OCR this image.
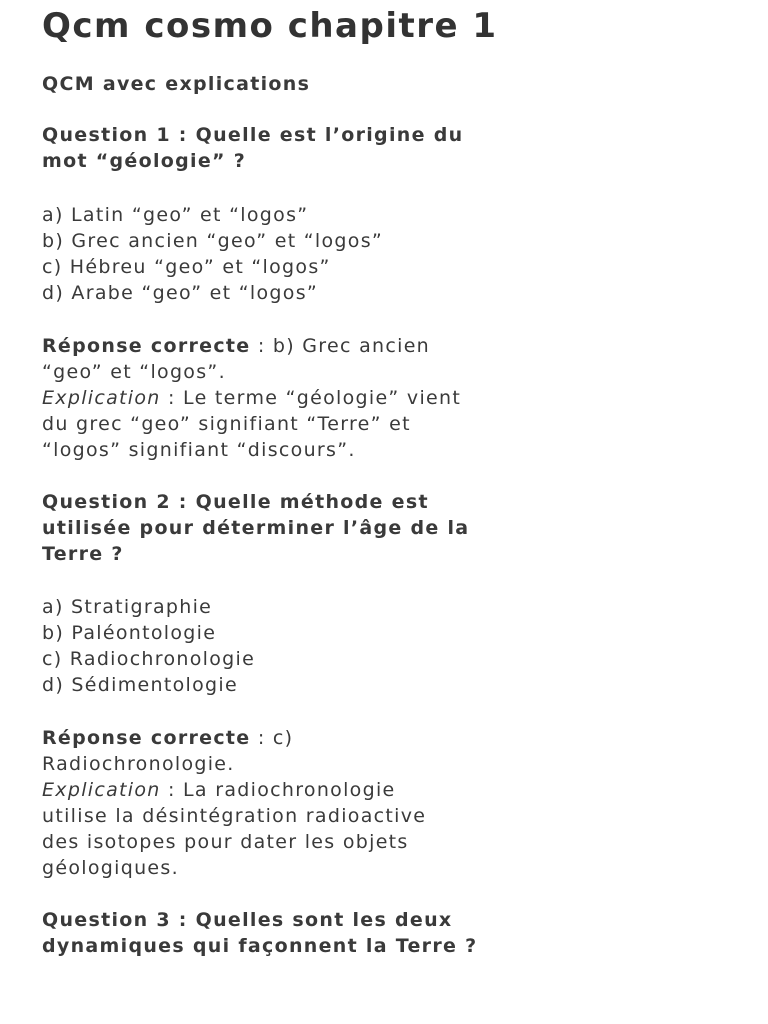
Qcm cosmo chapitre 1
QCM avec explications

Question 1 : Quelle est l’origine du
mot “géologie” ?

a) Latin “geo” et “logos”
b) Grec ancien “geo” et “logos”
c) Hébreu “geo” et “logos”
d) Arabe “geo” et “logos”

Réponse correcte : b) Grec ancien
“geo” et “logos”.
Explication : Le terme “géologie” vient
du grec “geo” signifiant “Terre” et
“logos” signifiant “discours”.

Question 2 : Quelle méthode est
utilisée pour déterminer l’âge de la
Terre ?

a) Stratigraphie
b) Paléontologie
c) Radiochronologie
d) Sédimentologie

Réponse correcte : c)
Radiochronologie.
Explication : La radiochronologie
utilise la désintégration radioactive
des isotopes pour dater les objets
géologiques.

Question 3 : Quelles sont les deux
dynamiques qui façonnent la Terre ?
